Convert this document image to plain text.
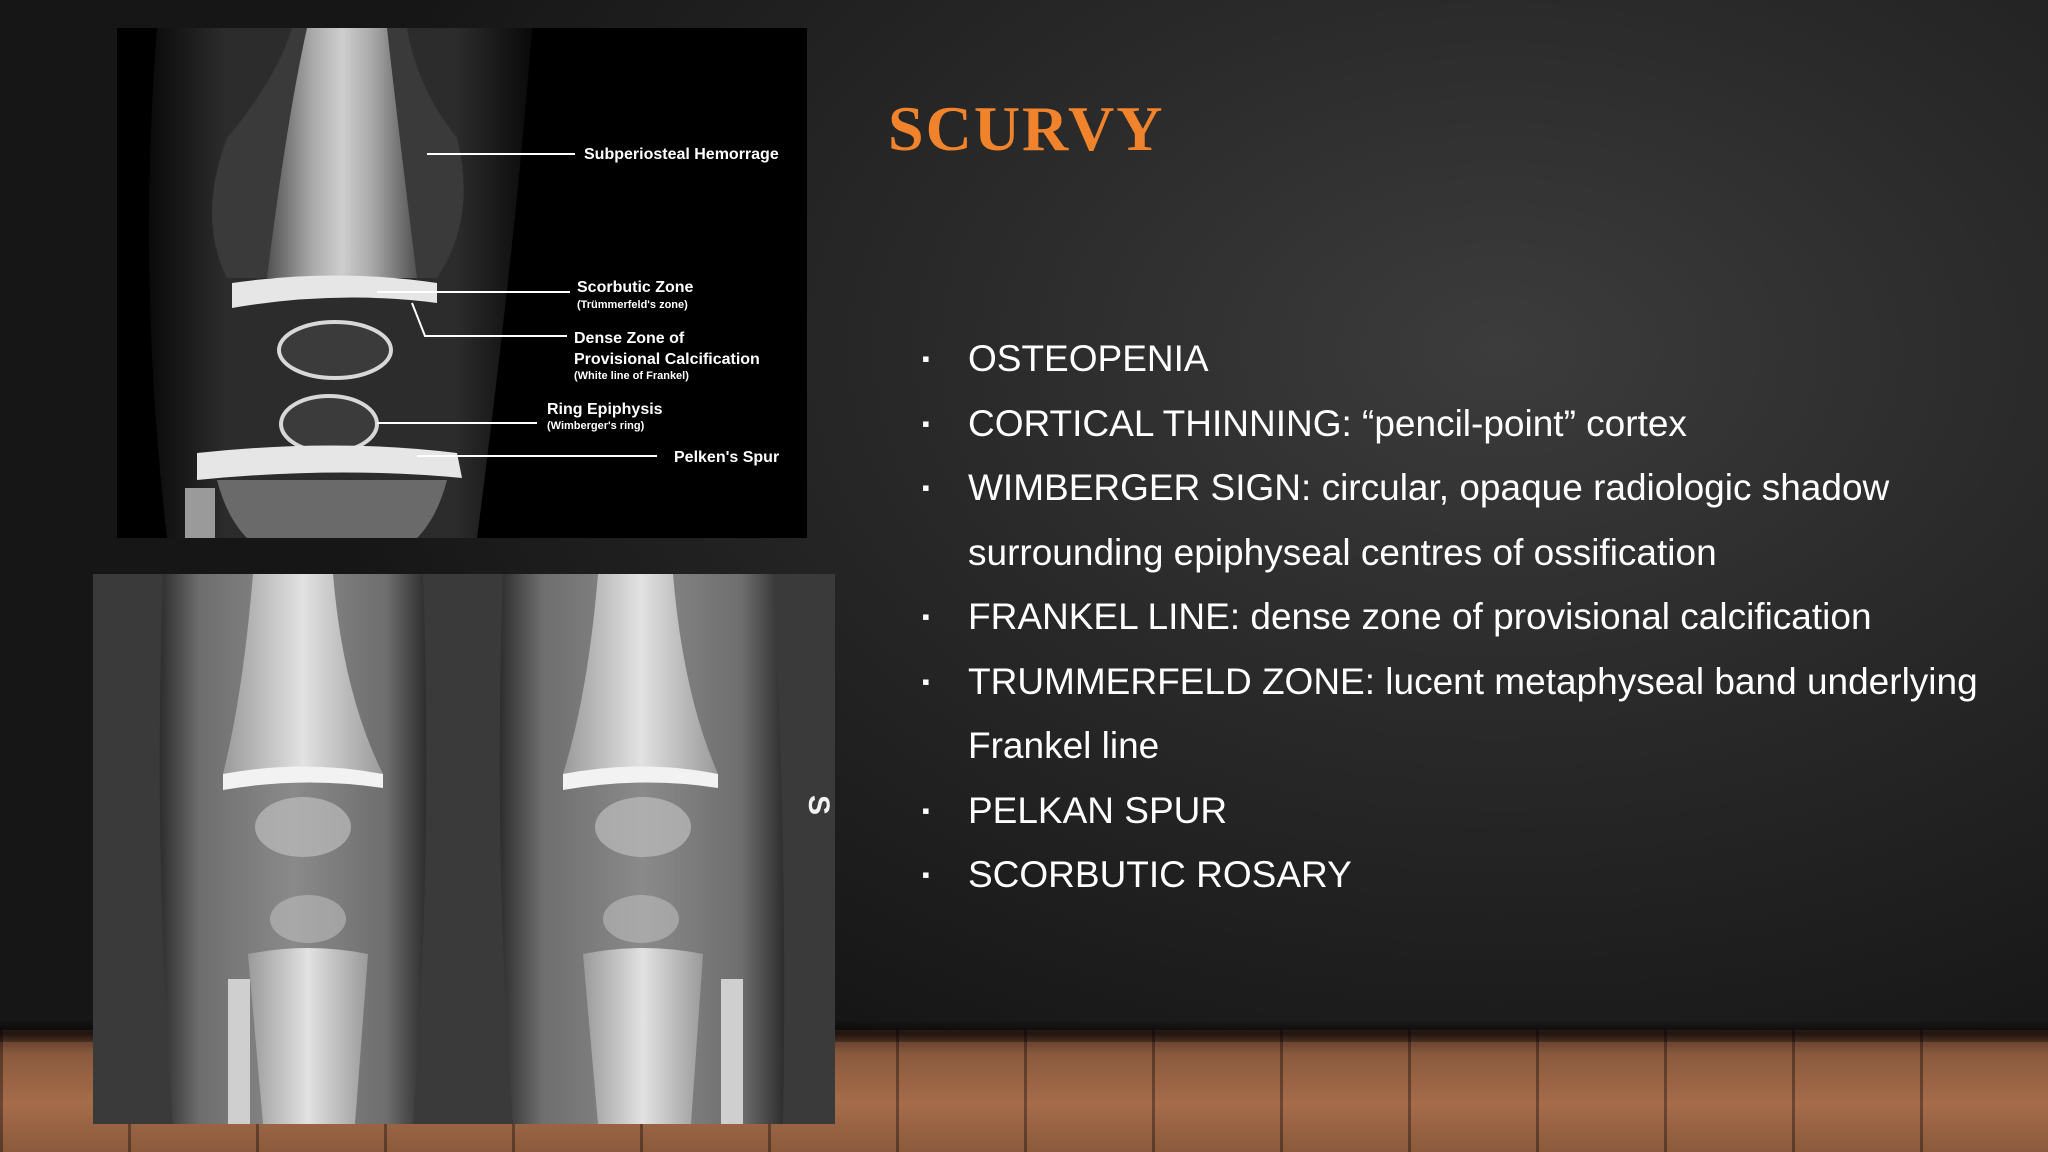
Subperiosteal Hemorrage
Scorbutic Zone
(Trümmerfeld's zone)
Dense Zone of
Provisional Calcification
(White line of Frankel)
Ring Epiphysis
(Wimberger's ring)
Pelken's Spur
S
SCURVY
▪ OSTEOPENIA
▪ CORTICAL THINNING: “pencil-point” cortex
▪ WIMBERGER SIGN: circular, opaque radiologic shadow surrounding epiphyseal centres of ossification
▪ FRANKEL LINE: dense zone of provisional calcification
▪ TRUMMERFELD ZONE: lucent metaphyseal band underlying Frankel line
▪ PELKAN SPUR
▪ SCORBUTIC ROSARY
